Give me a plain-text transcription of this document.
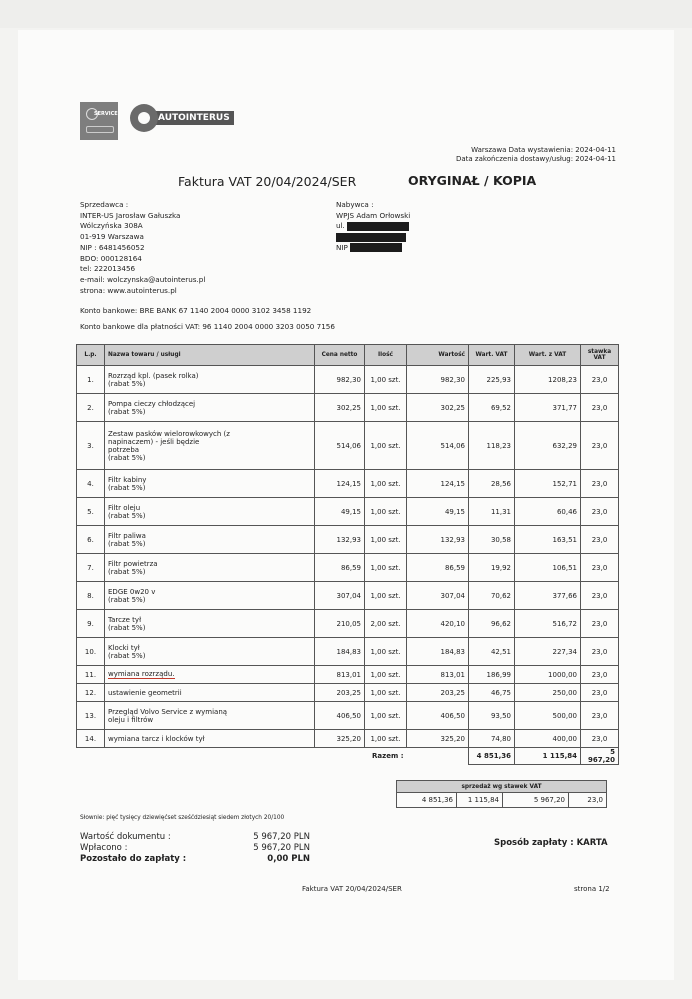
SERVICE	AUTOINTERUS
Warszawa Data wystawienia: 2024-04-11
Data zakończenia dostawy/usług: 2024-04-11
Faktura VAT 20/04/2024/SER	ORYGINAŁ / KOPIA
Sprzedawca :
INTER-US Jarosław Gałuszka
Wólczyńska 308A
01-919 Warszawa
NIP : 6481456052
BDO: 000128164
tel: 222013456
e-mail: wolczynska@autointerus.pl
strona: www.autointerus.pl
Nabywca :
WPJS Adam Orłowski
ul.
NIP
Konto bankowe: BRE BANK 67 1140 2004 0000 3102 3458 1192
Konto bankowe dla płatności VAT: 96 1140 2004 0000 3203 0050 7156
L.p.	Nazwa towaru / usługi	Cena netto	Ilość	Wartość	Wart. VAT	Wart. z VAT	stawka VAT
1.	Rozrząd kpl. (pasek rolka)
(rabat 5%)	982,30	1,00 szt.	982,30	225,93	1208,23	23,0
2.	Pompa cieczy chłodzącej
(rabat 5%)	302,25	1,00 szt.	302,25	69,52	371,77	23,0
3.	Zestaw pasków wielorowkowych (z
napinaczem) - jeśli będzie
potrzeba
(rabat 5%)	514,06	1,00 szt.	514,06	118,23	632,29	23,0
4.	Filtr kabiny
(rabat 5%)	124,15	1,00 szt.	124,15	28,56	152,71	23,0
5.	Filtr oleju
(rabat 5%)	49,15	1,00 szt.	49,15	11,31	60,46	23,0
6.	Filtr paliwa
(rabat 5%)	132,93	1,00 szt.	132,93	30,58	163,51	23,0
7.	Filtr powietrza
(rabat 5%)	86,59	1,00 szt.	86,59	19,92	106,51	23,0
8.	EDGE 0w20 v
(rabat 5%)	307,04	1,00 szt.	307,04	70,62	377,66	23,0
9.	Tarcze tył
(rabat 5%)	210,05	2,00 szt.	420,10	96,62	516,72	23,0
10.	Klocki tył
(rabat 5%)	184,83	1,00 szt.	184,83	42,51	227,34	23,0
11.	wymiana rozrządu.	813,01	1,00 szt.	813,01	186,99	1000,00	23,0
12.	ustawienie geometrii	203,25	1,00 szt.	203,25	46,75	250,00	23,0
13.	Przegląd Volvo Service z wymianą
oleju i filtrów	406,50	1,00 szt.	406,50	93,50	500,00	23,0
14.	wymiana tarcz i klocków tył	325,20	1,00 szt.	325,20	74,80	400,00	23,0
	Razem :				4 851,36	1 115,84	5 967,20
sprzedaż wg stawek VAT
4 851,36	1 115,84	5 967,20	23,0
Słownie: pięć tysięcy dziewięćset sześćdziesiąt siedem złotych 20/100
Wartość dokumentu :	5 967,20 PLN
Wpłacono :	5 967,20 PLN
Pozostało do zapłaty :	0,00 PLN
Sposób zapłaty : KARTA
Faktura VAT 20/04/2024/SER	strona 1/2
